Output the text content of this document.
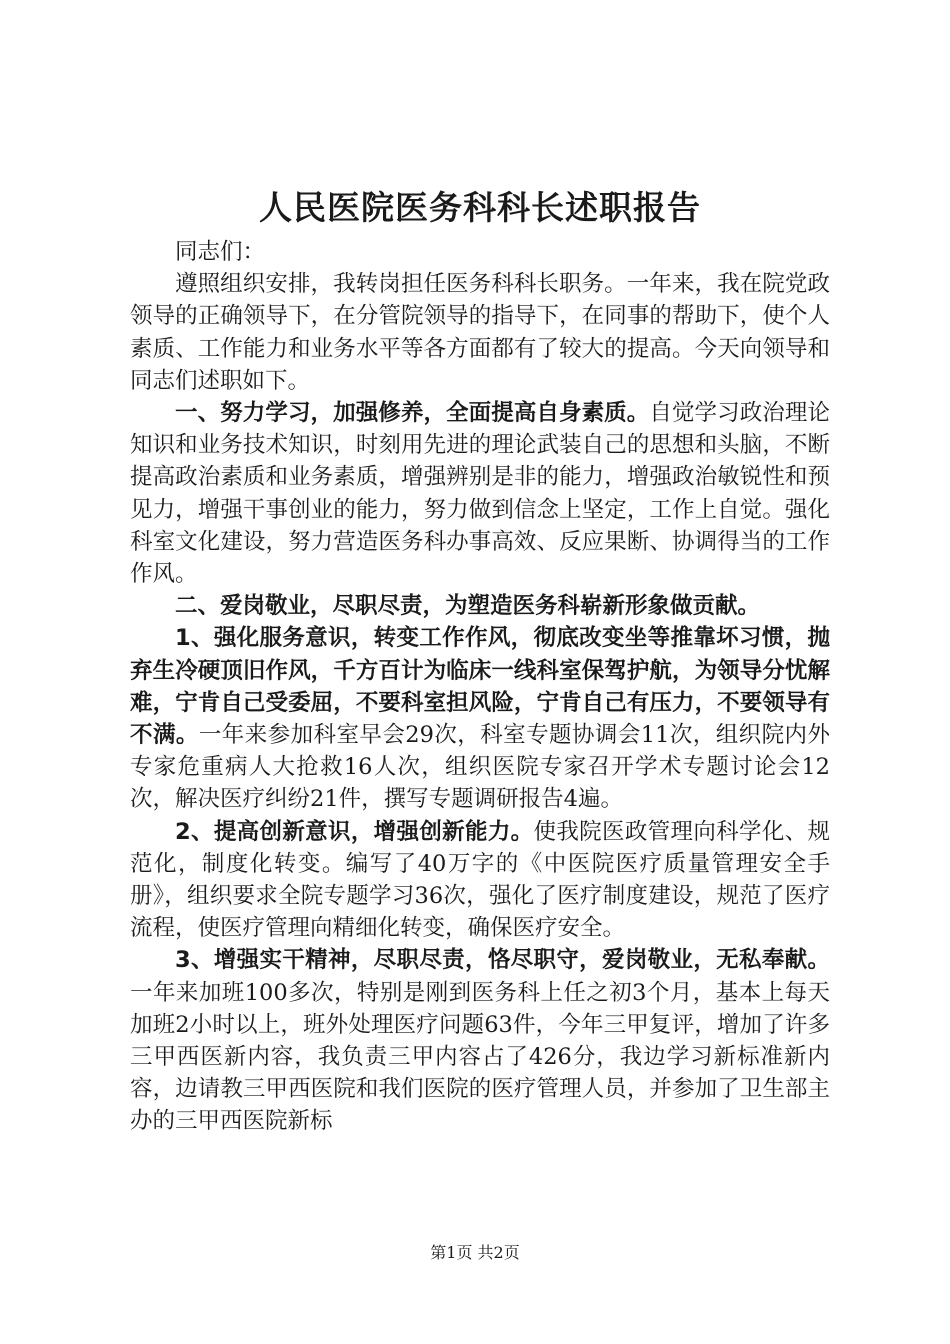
人民医院医务科科长述职报告

同志们：

遵照组织安排，我转岗担任医务科科长职务。一年来，我在院党政领导的正确领导下，在分管院领导的指导下，在同事的帮助下，使个人素质、工作能力和业务水平等各方面都有了较大的提高。今天向领导和同志们述职如下。

一、努力学习，加强修养，全面提高自身素质。自觉学习政治理论知识和业务技术知识，时刻用先进的理论武装自己的思想和头脑，不断提高政治素质和业务素质，增强辨别是非的能力，增强政治敏锐性和预见力，增强干事创业的能力，努力做到信念上坚定，工作上自觉。强化科室文化建设，努力营造医务科办事高效、反应果断、协调得当的工作作风。

二、爱岗敬业，尽职尽责，为塑造医务科崭新形象做贡献。

1、强化服务意识，转变工作作风，彻底改变坐等推靠坏习惯，抛弃生冷硬顶旧作风，千方百计为临床一线科室保驾护航，为领导分忧解难，宁肯自己受委屈，不要科室担风险，宁肯自己有压力，不要领导有不满。一年来参加科室早会29次，科室专题协调会11次，组织院内外专家危重病人大抢救16人次，组织医院专家召开学术专题讨论会12次，解决医疗纠纷21件，撰写专题调研报告4遍。

2、提高创新意识，增强创新能力。使我院医政管理向科学化、规范化，制度化转变。编写了40万字的《中医院医疗质量管理安全手册》，组织要求全院专题学习36次，强化了医疗制度建设，规范了医疗流程，使医疗管理向精细化转变，确保医疗安全。

3、增强实干精神，尽职尽责，恪尽职守，爱岗敬业，无私奉献。一年来加班100多次，特别是刚到医务科上任之初3个月，基本上每天加班2小时以上，班外处理医疗问题63件，今年三甲复评，增加了许多三甲西医新内容，我负责三甲内容占了426分，我边学习新标准新内容，边请教三甲西医院和我们医院的医疗管理人员，并参加了卫生部主办的三甲西医院新标

第1页 共2页
